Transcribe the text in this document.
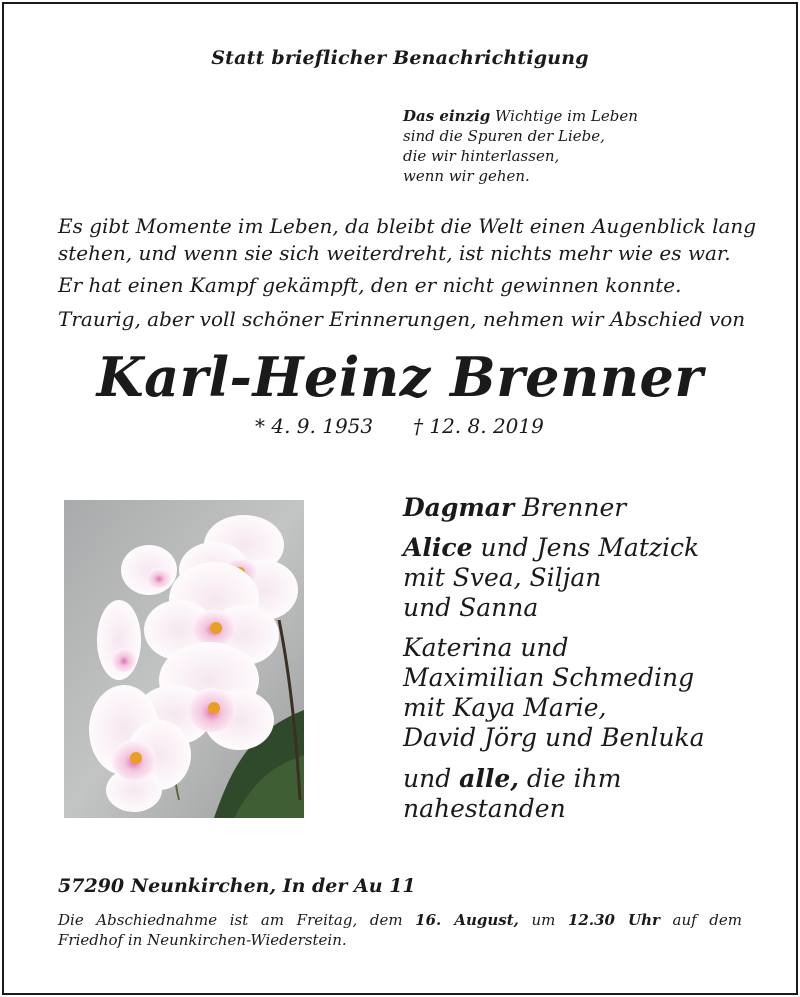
Statt brieflicher Benachrichtigung
Das einzig Wichtige im Leben
sind die Spuren der Liebe,
die wir hinterlassen,
wenn wir gehen.
Es gibt Momente im Leben, da bleibt die Welt einen Augenblick lang
stehen, und wenn sie sich weiterdreht, ist nichts mehr wie es war.
Er hat einen Kampf gekämpft, den er nicht gewinnen konnte.
Traurig, aber voll schöner Erinnerungen, nehmen wir Abschied von
Karl-Heinz Brenner
* 4. 9. 1953 † 12. 8. 2019
Dagmar Brenner
Alice und Jens Matzick
mit Svea, Siljan
und Sanna
Katerina und
Maximilian Schmeding
mit Kaya Marie,
David Jörg und Benluka
und alle, die ihm
nahestanden
57290 Neunkirchen, In der Au 11
Die Abschiednahme ist am Freitag, dem 16. August, um 12.30 Uhr auf dem
Friedhof in Neunkirchen-Wiederstein.
